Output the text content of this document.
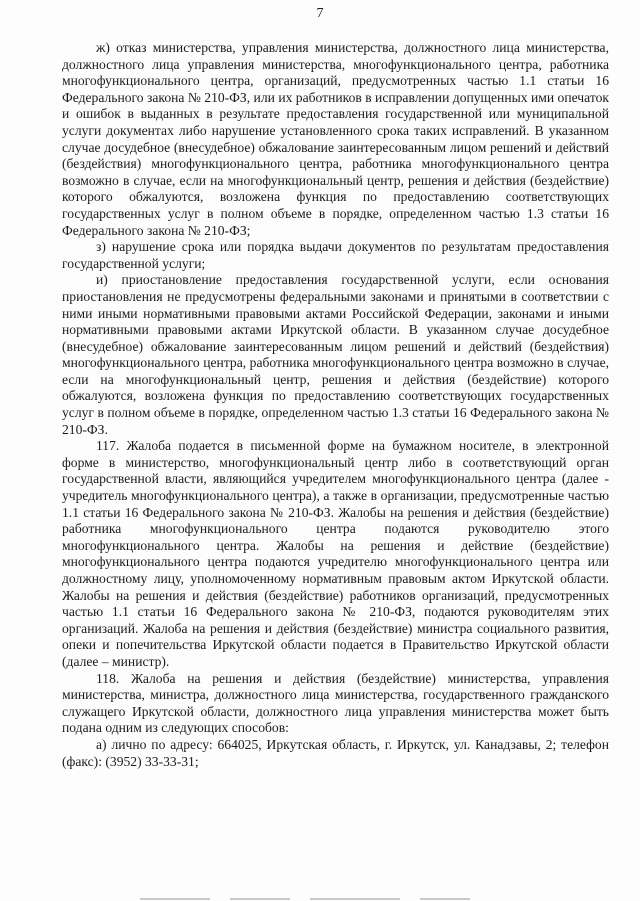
7

ж) отказ министерства, управления министерства, должностного лица министерства, должностного лица управления министерства, многофункционального центра, работника многофункционального центра, организаций, предусмотренных частью 1.1 статьи 16 Федерального закона № 210-ФЗ, или их работников в исправлении допущенных ими опечаток и ошибок в выданных в результате предоставления государственной или муниципальной услуги документах либо нарушение установленного срока таких исправлений. В указанном случае досудебное (внесудебное) обжалование заинтересованным лицом решений и действий (бездействия) многофункционального центра, работника многофункционального центра возможно в случае, если на многофункциональный центр, решения и действия (бездействие) которого обжалуются, возложена функция по предоставлению соответствующих государственных услуг в полном объеме в порядке, определенном частью 1.3 статьи 16 Федерального закона № 210-ФЗ;

з) нарушение срока или порядка выдачи документов по результатам предоставления государственной услуги;

и) приостановление предоставления государственной услуги, если основания приостановления не предусмотрены федеральными законами и принятыми в соответствии с ними иными нормативными правовыми актами Российской Федерации, законами и иными нормативными правовыми актами Иркутской области. В указанном случае досудебное (внесудебное) обжалование заинтересованным лицом решений и действий (бездействия) многофункционального центра, работника многофункционального центра возможно в случае, если на многофункциональный центр, решения и действия (бездействие) которого обжалуются, возложена функция по предоставлению соответствующих государственных услуг в полном объеме в порядке, определенном частью 1.3 статьи 16 Федерального закона № 210-ФЗ.

117. Жалоба подается в письменной форме на бумажном носителе, в электронной форме в министерство, многофункциональный центр либо в соответствующий орган государственной власти, являющийся учредителем многофункционального центра (далее - учредитель многофункционального центра), а также в организации, предусмотренные частью 1.1 статьи 16 Федерального закона № 210-ФЗ. Жалобы на решения и действия (бездействие) работника многофункционального центра подаются руководителю этого многофункционального центра. Жалобы на решения и действие (бездействие) многофункционального центра подаются учредителю многофункционального центра или должностному лицу, уполномоченному нормативным правовым актом Иркутской области. Жалобы на решения и действия (бездействие) работников организаций, предусмотренных частью 1.1 статьи 16 Федерального закона № 210-ФЗ, подаются руководителям этих организаций. Жалоба на решения и действия (бездействие) министра социального развития, опеки и попечительства Иркутской области подается в Правительство Иркутской области (далее – министр).

118. Жалоба на решения и действия (бездействие) министерства, управления министерства, министра, должностного лица министерства, государственного гражданского служащего Иркутской области, должностного лица управления министерства может быть подана одним из следующих способов:

а) лично по адресу: 664025, Иркутская область, г. Иркутск, ул. Канадзавы, 2; телефон (факс): (3952) 33-33-31;
